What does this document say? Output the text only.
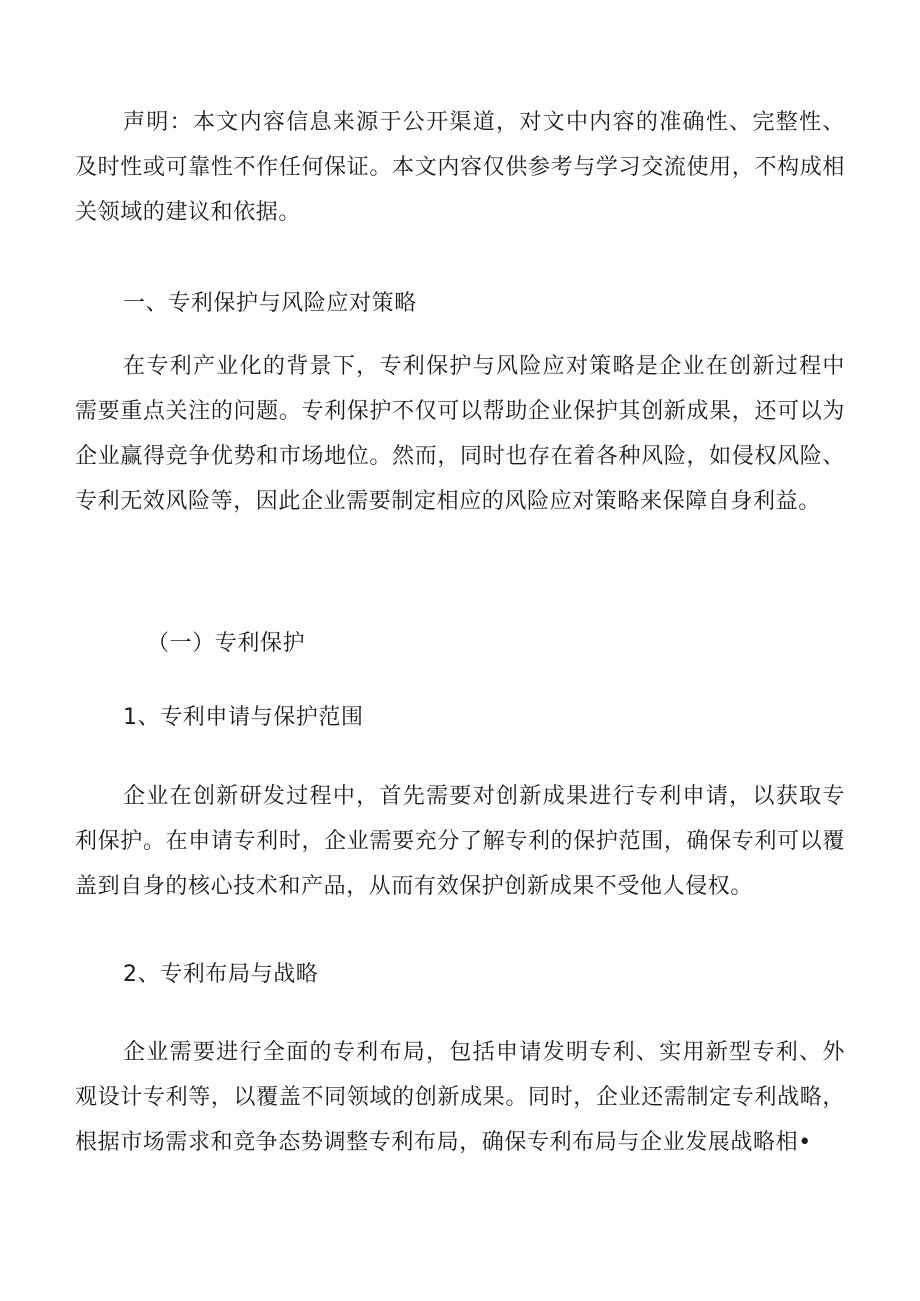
声明：本文内容信息来源于公开渠道，对文中内容的准确性、完整性、及时性或可靠性不作任何保证。本文内容仅供参考与学习交流使用，不构成相关领域的建议和依据。

一、专利保护与风险应对策略

在专利产业化的背景下，专利保护与风险应对策略是企业在创新过程中需要重点关注的问题。专利保护不仅可以帮助企业保护其创新成果，还可以为企业赢得竞争优势和市场地位。然而，同时也存在着各种风险，如侵权风险、专利无效风险等，因此企业需要制定相应的风险应对策略来保障自身利益。

（一）专利保护
1、专利申请与保护范围

企业在创新研发过程中，首先需要对创新成果进行专利申请，以获取专利保护。在申请专利时，企业需要充分了解专利的保护范围，确保专利可以覆盖到自身的核心技术和产品，从而有效保护创新成果不受他人侵权。

2、专利布局与战略

企业需要进行全面的专利布局，包括申请发明专利、实用新型专利、外观设计专利等，以覆盖不同领域的创新成果。同时，企业还需制定专利战略，根据市场需求和竞争态势调整专利布局，确保专利布局与企业发展战略相•
